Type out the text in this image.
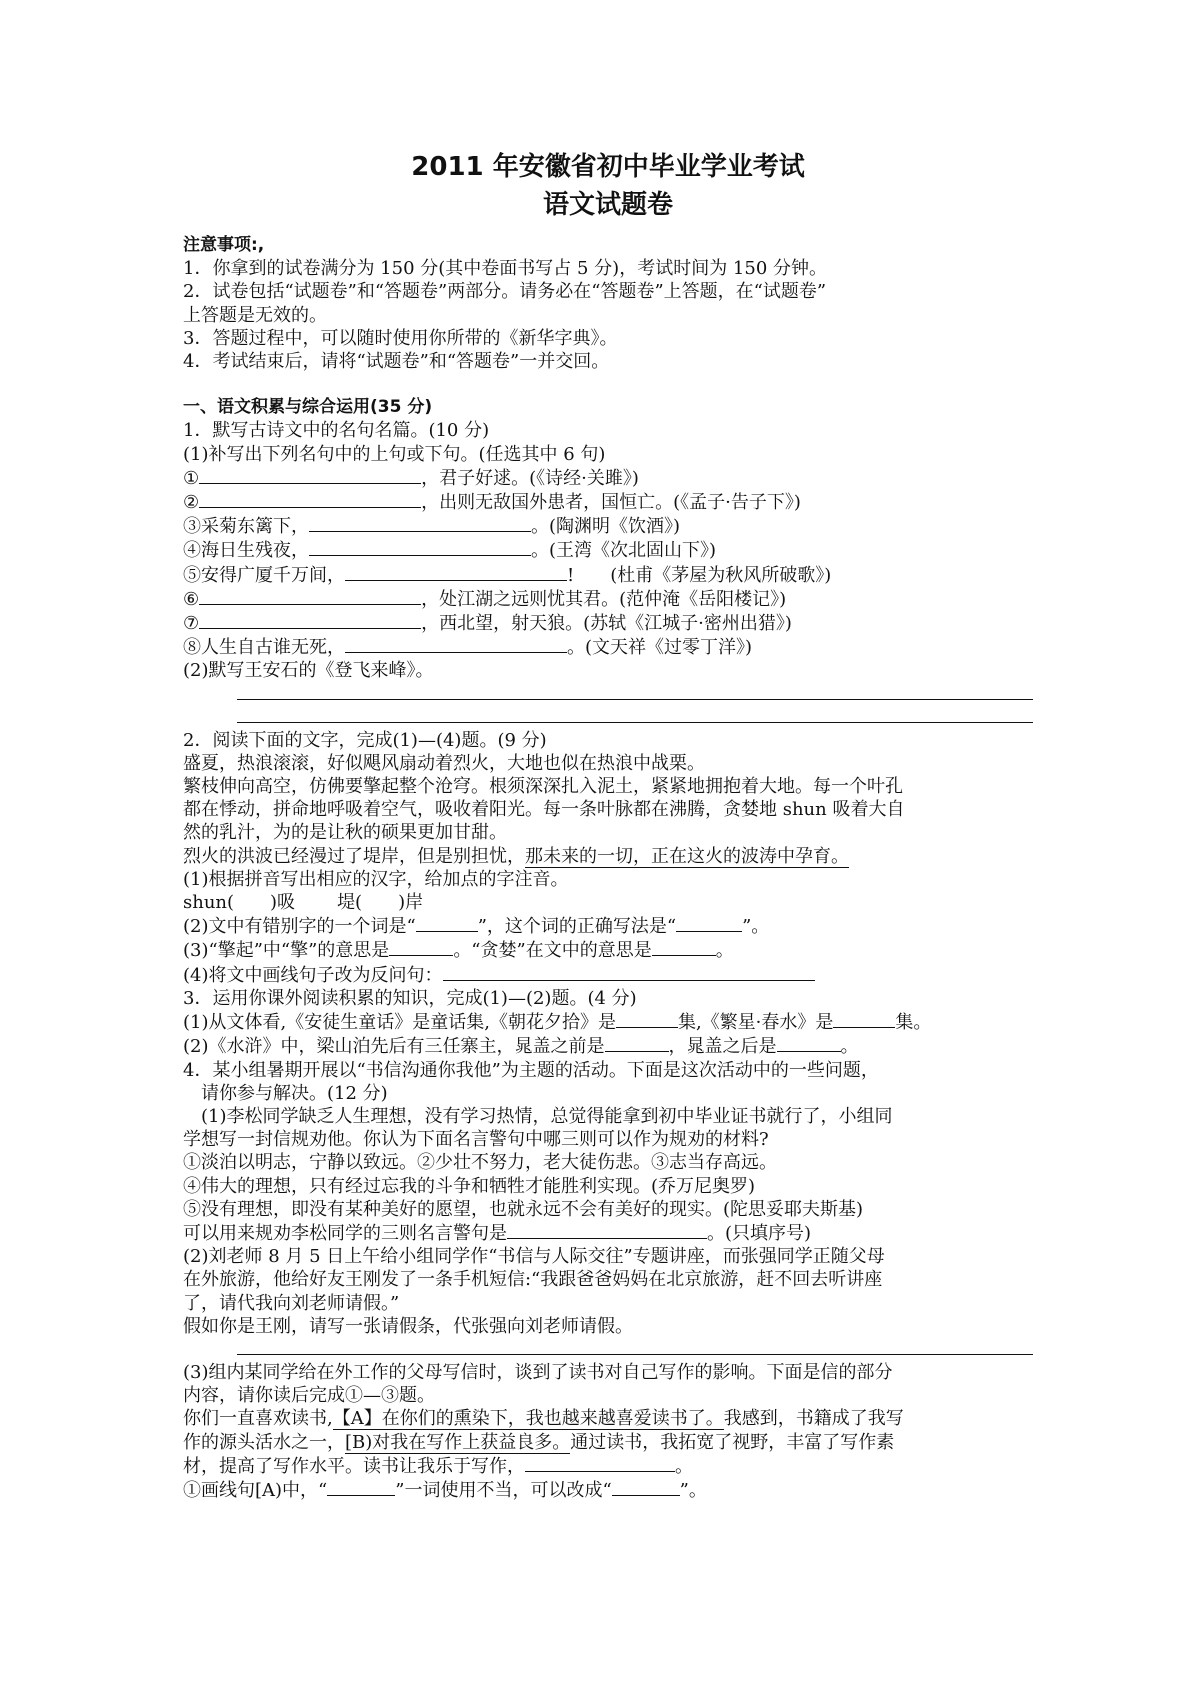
2011 年安徽省初中毕业学业考试
语文试题卷
注意事项:,
1．你拿到的试卷满分为 150 分(其中卷面书写占 5 分)，考试时间为 150 分钟。
2．试卷包括“试题卷”和“答题卷”两部分。请务必在“答题卷”上答题，在“试题卷”
上答题是无效的。
3．答题过程中，可以随时使用你所带的《新华字典》。
4．考试结束后，请将“试题卷”和“答题卷”一并交回。
一、语文积累与综合运用(35 分)
1．默写古诗文中的名句名篇。(10 分)
(1)补写出下列名句中的上句或下句。(任选其中 6 句)
①	，君子好逑。(《诗经·关雎》)
②	，出则无敌国外患者，国恒亡。(《孟子·告子下》)
③采菊东篱下，	。(陶渊明《饮酒》)
④海日生残夜，	。(王湾《次北固山下》)
⑤安得广厦千万间，	!　　(杜甫《茅屋为秋风所破歌》)
⑥	，处江湖之远则忧其君。(范仲淹《岳阳楼记》)
⑦	，西北望，射天狼。(苏轼《江城子·密州出猎》)
⑧人生自古谁无死，	。(文天祥《过零丁洋》)
(2)默写王安石的《登飞来峰》。
2．阅读下面的文字，完成(1)—(4)题。(9 分)
盛夏，热浪滚滚，好似飓风扇动着烈火，大地也似在热浪中战栗。
繁枝伸向高空，仿佛要擎起整个沧穹。根须深深扎入泥土，紧紧地拥抱着大地。每一个叶孔
都在悸动，拼命地呼吸着空气，吸收着阳光。每一条叶脉都在沸腾，贪婪地 shun 吸着大自
然的乳汁，为的是让秋的硕果更加甘甜。
烈火的洪波已经漫过了堤岸，但是别担忧，那未来的一切，正在这火的波涛中孕育。
(1)根据拼音写出相应的汉字，给加点的字注音。
shun(　　)吸 堤(　　)岸
(2)文中有错别字的一个词是“	”，这个词的正确写法是“	”。
(3)“擎起”中“擎”的意思是	。“贪婪”在文中的意思是	。
(4)将文中画线句子改为反问句：
3．运用你课外阅读积累的知识，完成(1)—(2)题。(4 分)
(1)从文体看,《安徒生童话》是童话集,《朝花夕拾》是	集,《繁星·春水》是	集。
(2)《水浒》中，梁山泊先后有三任寨主，晁盖之前是	，晁盖之后是	。
4．某小组暑期开展以“书信沟通你我他”为主题的活动。下面是这次活动中的一些问题，
请你参与解决。(12 分)
(1)李松同学缺乏人生理想，没有学习热情，总觉得能拿到初中毕业证书就行了，小组同
学想写一封信规劝他。你认为下面名言警句中哪三则可以作为规劝的材料?
①淡泊以明志，宁静以致远。②少壮不努力，老大徒伤悲。③志当存高远。
④伟大的理想，只有经过忘我的斗争和牺牲才能胜利实现。(乔万尼奥罗)
⑤没有理想，即没有某种美好的愿望，也就永远不会有美好的现实。(陀思妥耶夫斯基)
可以用来规劝李松同学的三则名言警句是	。(只填序号)
(2)刘老师 8 月 5 日上午给小组同学作“书信与人际交往”专题讲座，而张强同学正随父母
在外旅游，他给好友王刚发了一条手机短信:“我跟爸爸妈妈在北京旅游，赶不回去听讲座
了，请代我向刘老师请假。”
假如你是王刚，请写一张请假条，代张强向刘老师请假。
(3)组内某同学给在外工作的父母写信时，谈到了读书对自己写作的影响。下面是信的部分
内容，请你读后完成①—③题。
你们一直喜欢读书,【A】在你们的熏染下，我也越来越喜爱读书了。我感到，书籍成了我写
作的源头活水之一，[B)对我在写作上获益良多。通过读书，我拓宽了视野，丰富了写作素
材，提高了写作水平。读书让我乐于写作，	。
①画线句[A)中，“	”一词使用不当，可以改成“	”。
